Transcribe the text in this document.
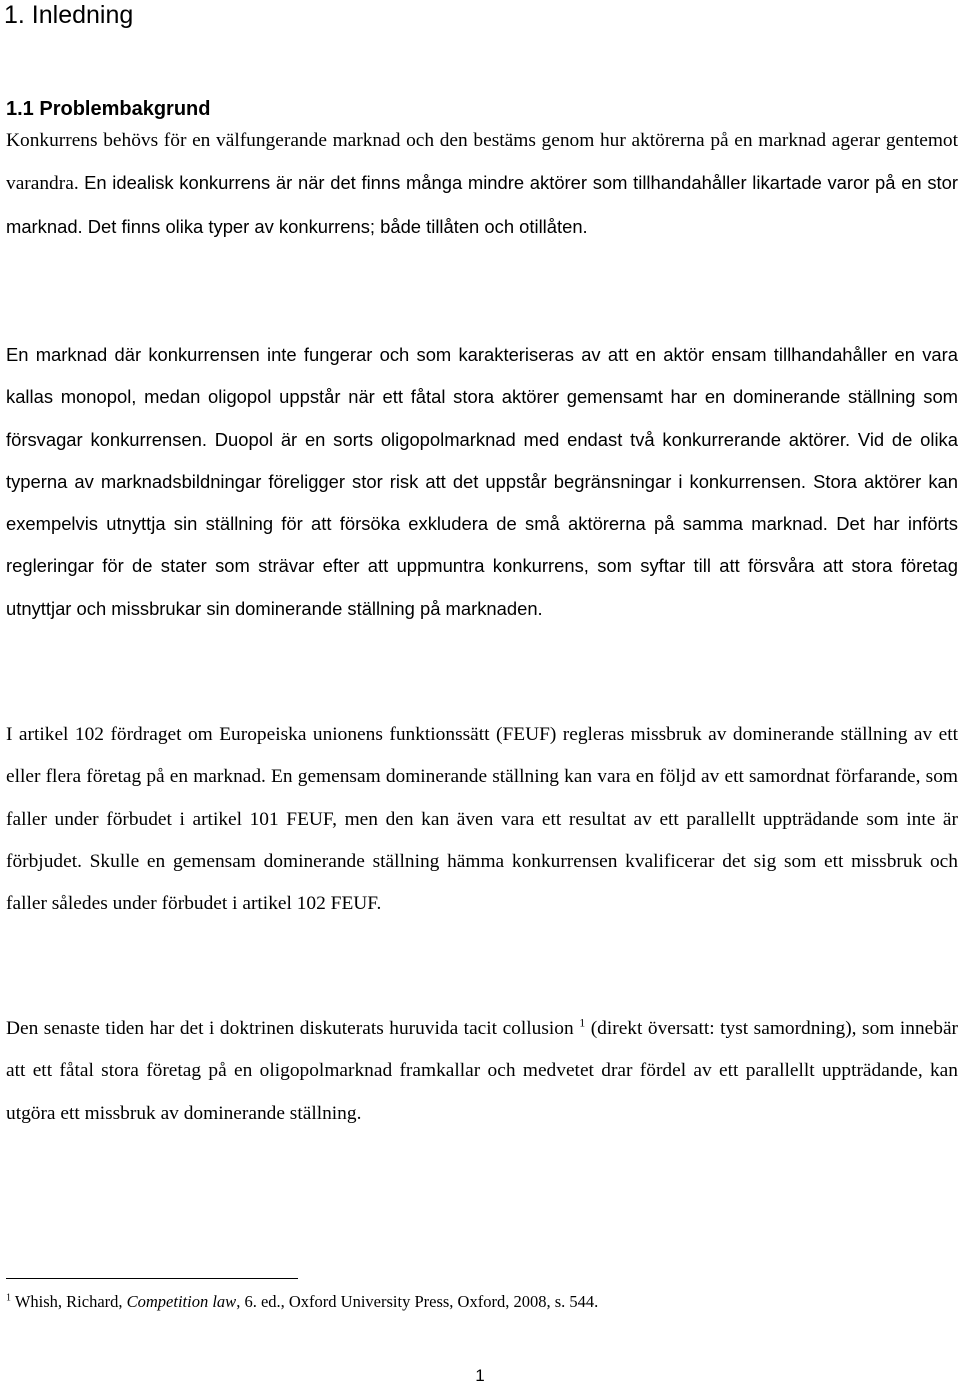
1. Inledning
1.1 Problembakgrund

Konkurrens behövs för en välfungerande marknad och den bestäms genom hur aktörerna på en marknad agerar gentemot varandra. En idealisk konkurrens är när det finns många mindre aktörer som tillhandahåller likartade varor på en stor marknad. Det finns olika typer av konkurrens; både tillåten och otillåten.

En marknad där konkurrensen inte fungerar och som karakteriseras av att en aktör ensam tillhandahåller en vara kallas monopol, medan oligopol uppstår när ett fåtal stora aktörer gemensamt har en dominerande ställning som försvagar konkurrensen. Duopol är en sorts oligopolmarknad med endast två konkurrerande aktörer. Vid de olika typerna av marknadsbildningar föreligger stor risk att det uppstår begränsningar i konkurrensen. Stora aktörer kan exempelvis utnyttja sin ställning för att försöka exkludera de små aktörerna på samma marknad. Det har införts regleringar för de stater som strävar efter att uppmuntra konkurrens, som syftar till att försvåra att stora företag utnyttjar och missbrukar sin dominerande ställning på marknaden.

I artikel 102 fördraget om Europeiska unionens funktionssätt (FEUF) regleras missbruk av dominerande ställning av ett eller flera företag på en marknad. En gemensam dominerande ställning kan vara en följd av ett samordnat förfarande, som faller under förbudet i artikel 101 FEUF, men den kan även vara ett resultat av ett parallellt uppträdande som inte är förbjudet. Skulle en gemensam dominerande ställning hämma konkurrensen kvalificerar det sig som ett missbruk och faller således under förbudet i artikel 102 FEUF.

Den senaste tiden har det i doktrinen diskuterats huruvida tacit collusion $^1$ (direkt översatt: tyst samordning), som innebär att ett fåtal stora företag på en oligopolmarknad framkallar och medvetet drar fördel av ett parallellt uppträdande, kan utgöra ett missbruk av dominerande ställning.

$^1$ Whish, Richard, Competition law, 6. ed., Oxford University Press, Oxford, 2008, s. 544.

1
